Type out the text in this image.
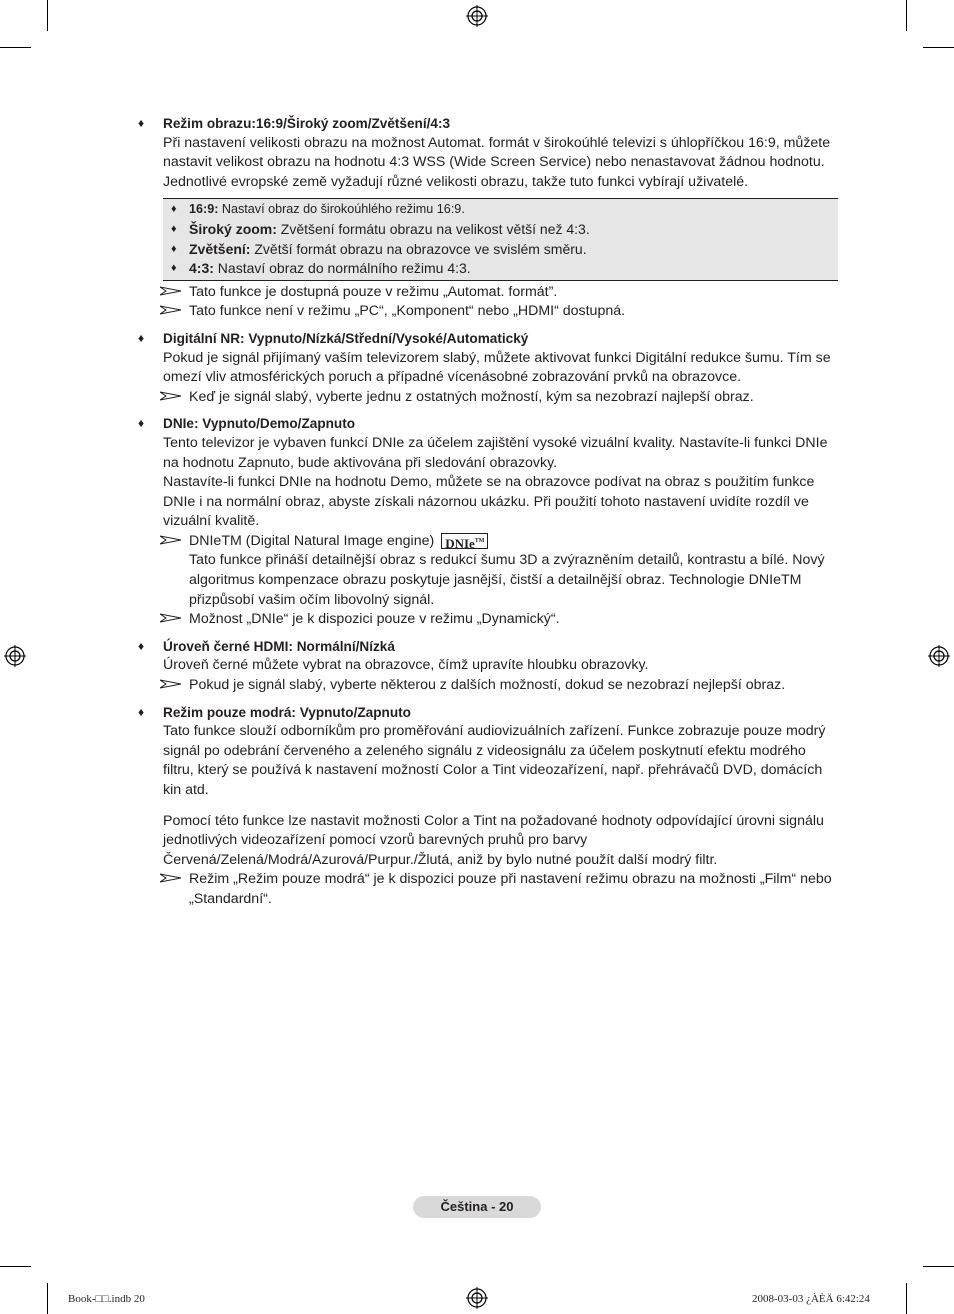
♦ Režim obrazu:16:9/Široký zoom/Zvětšení/4:3

Při nastavení velikosti obrazu na možnost Automat. formát v širokoúhlé televizi s úhlopříčkou 16:9, můžete nastavit velikost obrazu na hodnotu 4:3 WSS (Wide Screen Service) nebo nenastavovat žádnou hodnotu. Jednotlivé evropské země vyžadují různé velikosti obrazu, takže tuto funkci vybírají uživatelé.

♦ 16:9: Nastaví obraz do širokoúhlého režimu 16:9.
♦ Široký zoom: Zvětšení formátu obrazu na velikost větší než 4:3.
♦ Zvětšení: Zvětší formát obrazu na obrazovce ve svislém směru.
♦ 4:3: Nastaví obraz do normálního režimu 4:3.
Tato funkce je dostupná pouze v režimu „Automat. formát”.
Tato funkce není v režimu „PC“, „Komponent“ nebo „HDMI“ dostupná.
♦ Digitální NR: Vypnuto/Nízká/Střední/Vysoké/Automatický

Pokud je signál přijímaný vaším televizorem slabý, můžete aktivovat funkci Digitální redukce šumu. Tím se omezí vliv atmosférických poruch a případné vícenásobné zobrazování prvků na obrazovce.

Keď je signál slabý, vyberte jednu z ostatných možností, kým sa nezobrazí najlepší obraz.
♦ DNIe: Vypnuto/Demo/Zapnuto

Tento televizor je vybaven funkcí DNIe za účelem zajištění vysoké vizuální kvality. Nastavíte-li funkci DNIe na hodnotu Zapnuto, bude aktivována při sledování obrazovky.

Nastavíte-li funkci DNIe na hodnotu Demo, můžete se na obrazovce podívat na obraz s použitím funkce DNIe i na normální obraz, abyste získali názornou ukázku. Při použití tohoto nastavení uvidíte rozdíl ve vizuální kvalitě.

DNIeTM (Digital Natural Image engine) DNIe™
Tato funkce přináší detailnější obraz s redukcí šumu 3D a zvýrazněním detailů, kontrastu a bílé. Nový algoritmus kompenzace obrazu poskytuje jasnější, čistší a detailnější obraz. Technologie DNIeTM přizpůsobí vašim očím libovolný signál.
Možnost „DNIe“ je k dispozici pouze v režimu „Dynamický“.
♦ Úroveň černé HDMI: Normální/Nízká

Úroveň černé můžete vybrat na obrazovce, čímž upravíte hloubku obrazovky.

Pokud je signál slabý, vyberte některou z dalších možností, dokud se nezobrazí nejlepší obraz.
♦ Režim pouze modrá: Vypnuto/Zapnuto

Tato funkce slouží odborníkům pro proměřování audiovizuálních zařízení. Funkce zobrazuje pouze modrý signál po odebrání červeného a zeleného signálu z videosignálu za účelem poskytnutí efektu modrého filtru, který se používá k nastavení možností Color a Tint videozařízení, např. přehrávačů DVD, domácích kin atd.

Pomocí této funkce lze nastavit možnosti Color a Tint na požadované hodnoty odpovídající úrovni signálu jednotlivých videozařízení pomocí vzorů barevných pruhů pro barvy Červená/Zelená/Modrá/Azurová/Purpur./Žlutá, aniž by bylo nutné použít další modrý filtr.

Režim „Režim pouze modrá“ je k dispozici pouze při nastavení režimu obrazu na možnosti „Film“ nebo „Standardní“.
Čeština - 20
Book-□□.indb 20	2008-03-03 ¿ÀÈÄ 6:42:24
